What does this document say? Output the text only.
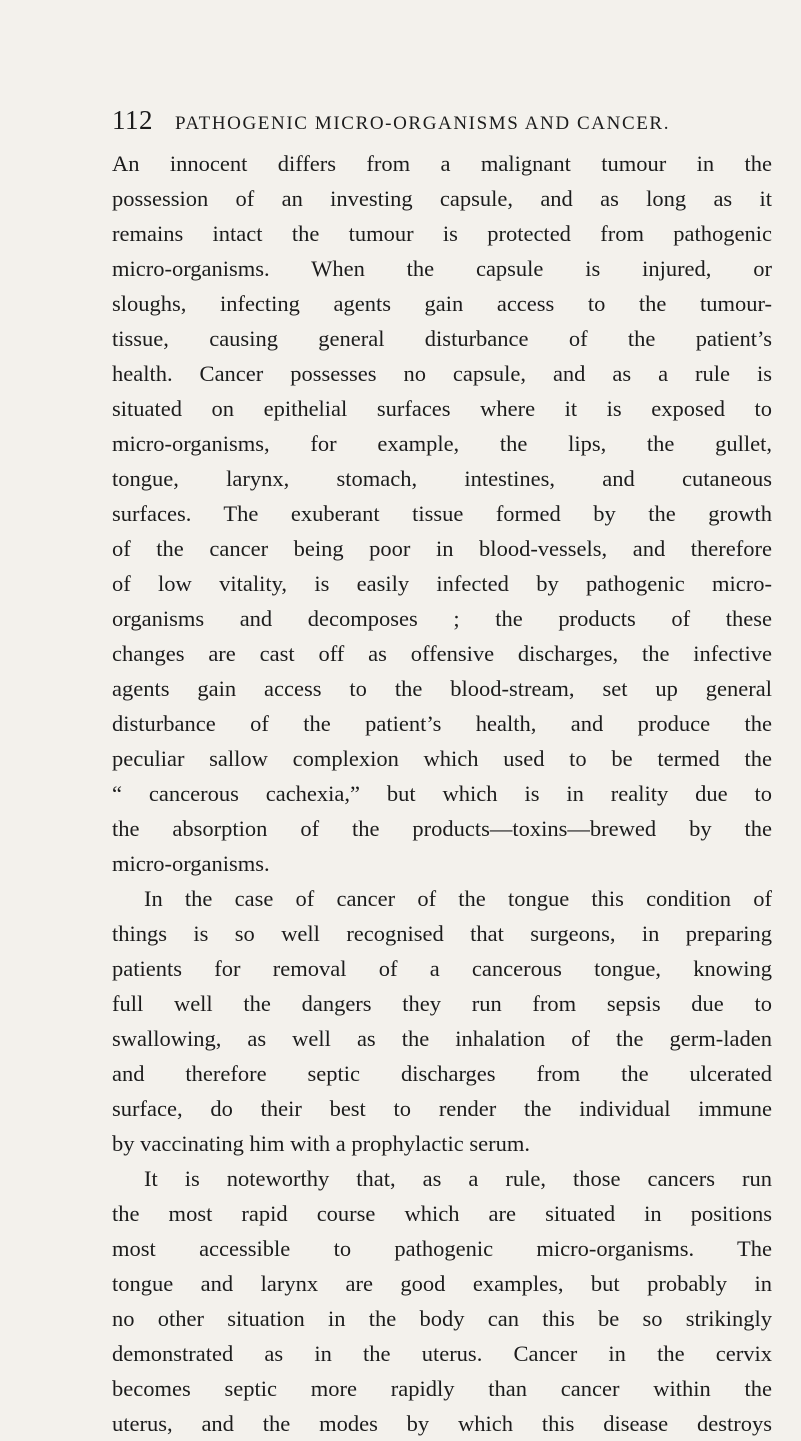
112 PATHOGENIC MICRO-ORGANISMS AND CANCER.
An innocent differs from a malignant tumour in the
possession of an investing capsule, and as long as it
remains intact the tumour is protected from pathogenic
micro-organisms. When the capsule is injured, or
sloughs, infecting agents gain access to the tumour-
tissue, causing general disturbance of the patient’s
health. Cancer possesses no capsule, and as a rule is
situated on epithelial surfaces where it is exposed to
micro-organisms, for example, the lips, the gullet,
tongue, larynx, stomach, intestines, and cutaneous
surfaces. The exuberant tissue formed by the growth
of the cancer being poor in blood-vessels, and therefore
of low vitality, is easily infected by pathogenic micro-
organisms and decomposes ; the products of these
changes are cast off as offensive discharges, the infective
agents gain access to the blood-stream, set up general
disturbance of the patient’s health, and produce the
peculiar sallow complexion which used to be termed the
“ cancerous cachexia,” but which is in reality due to
the absorption of the products—toxins—brewed by the
micro-organisms.
In the case of cancer of the tongue this condition of
things is so well recognised that surgeons, in preparing
patients for removal of a cancerous tongue, knowing
full well the dangers they run from sepsis due to
swallowing, as well as the inhalation of the germ-laden
and therefore septic discharges from the ulcerated
surface, do their best to render the individual immune
by vaccinating him with a prophylactic serum.
It is noteworthy that, as a rule, those cancers run
the most rapid course which are situated in positions
most accessible to pathogenic micro-organisms. The
tongue and larynx are good examples, but probably in
no other situation in the body can this be so strikingly
demonstrated as in the uterus. Cancer in the cervix
becomes septic more rapidly than cancer within the
uterus, and the modes by which this disease destroys
